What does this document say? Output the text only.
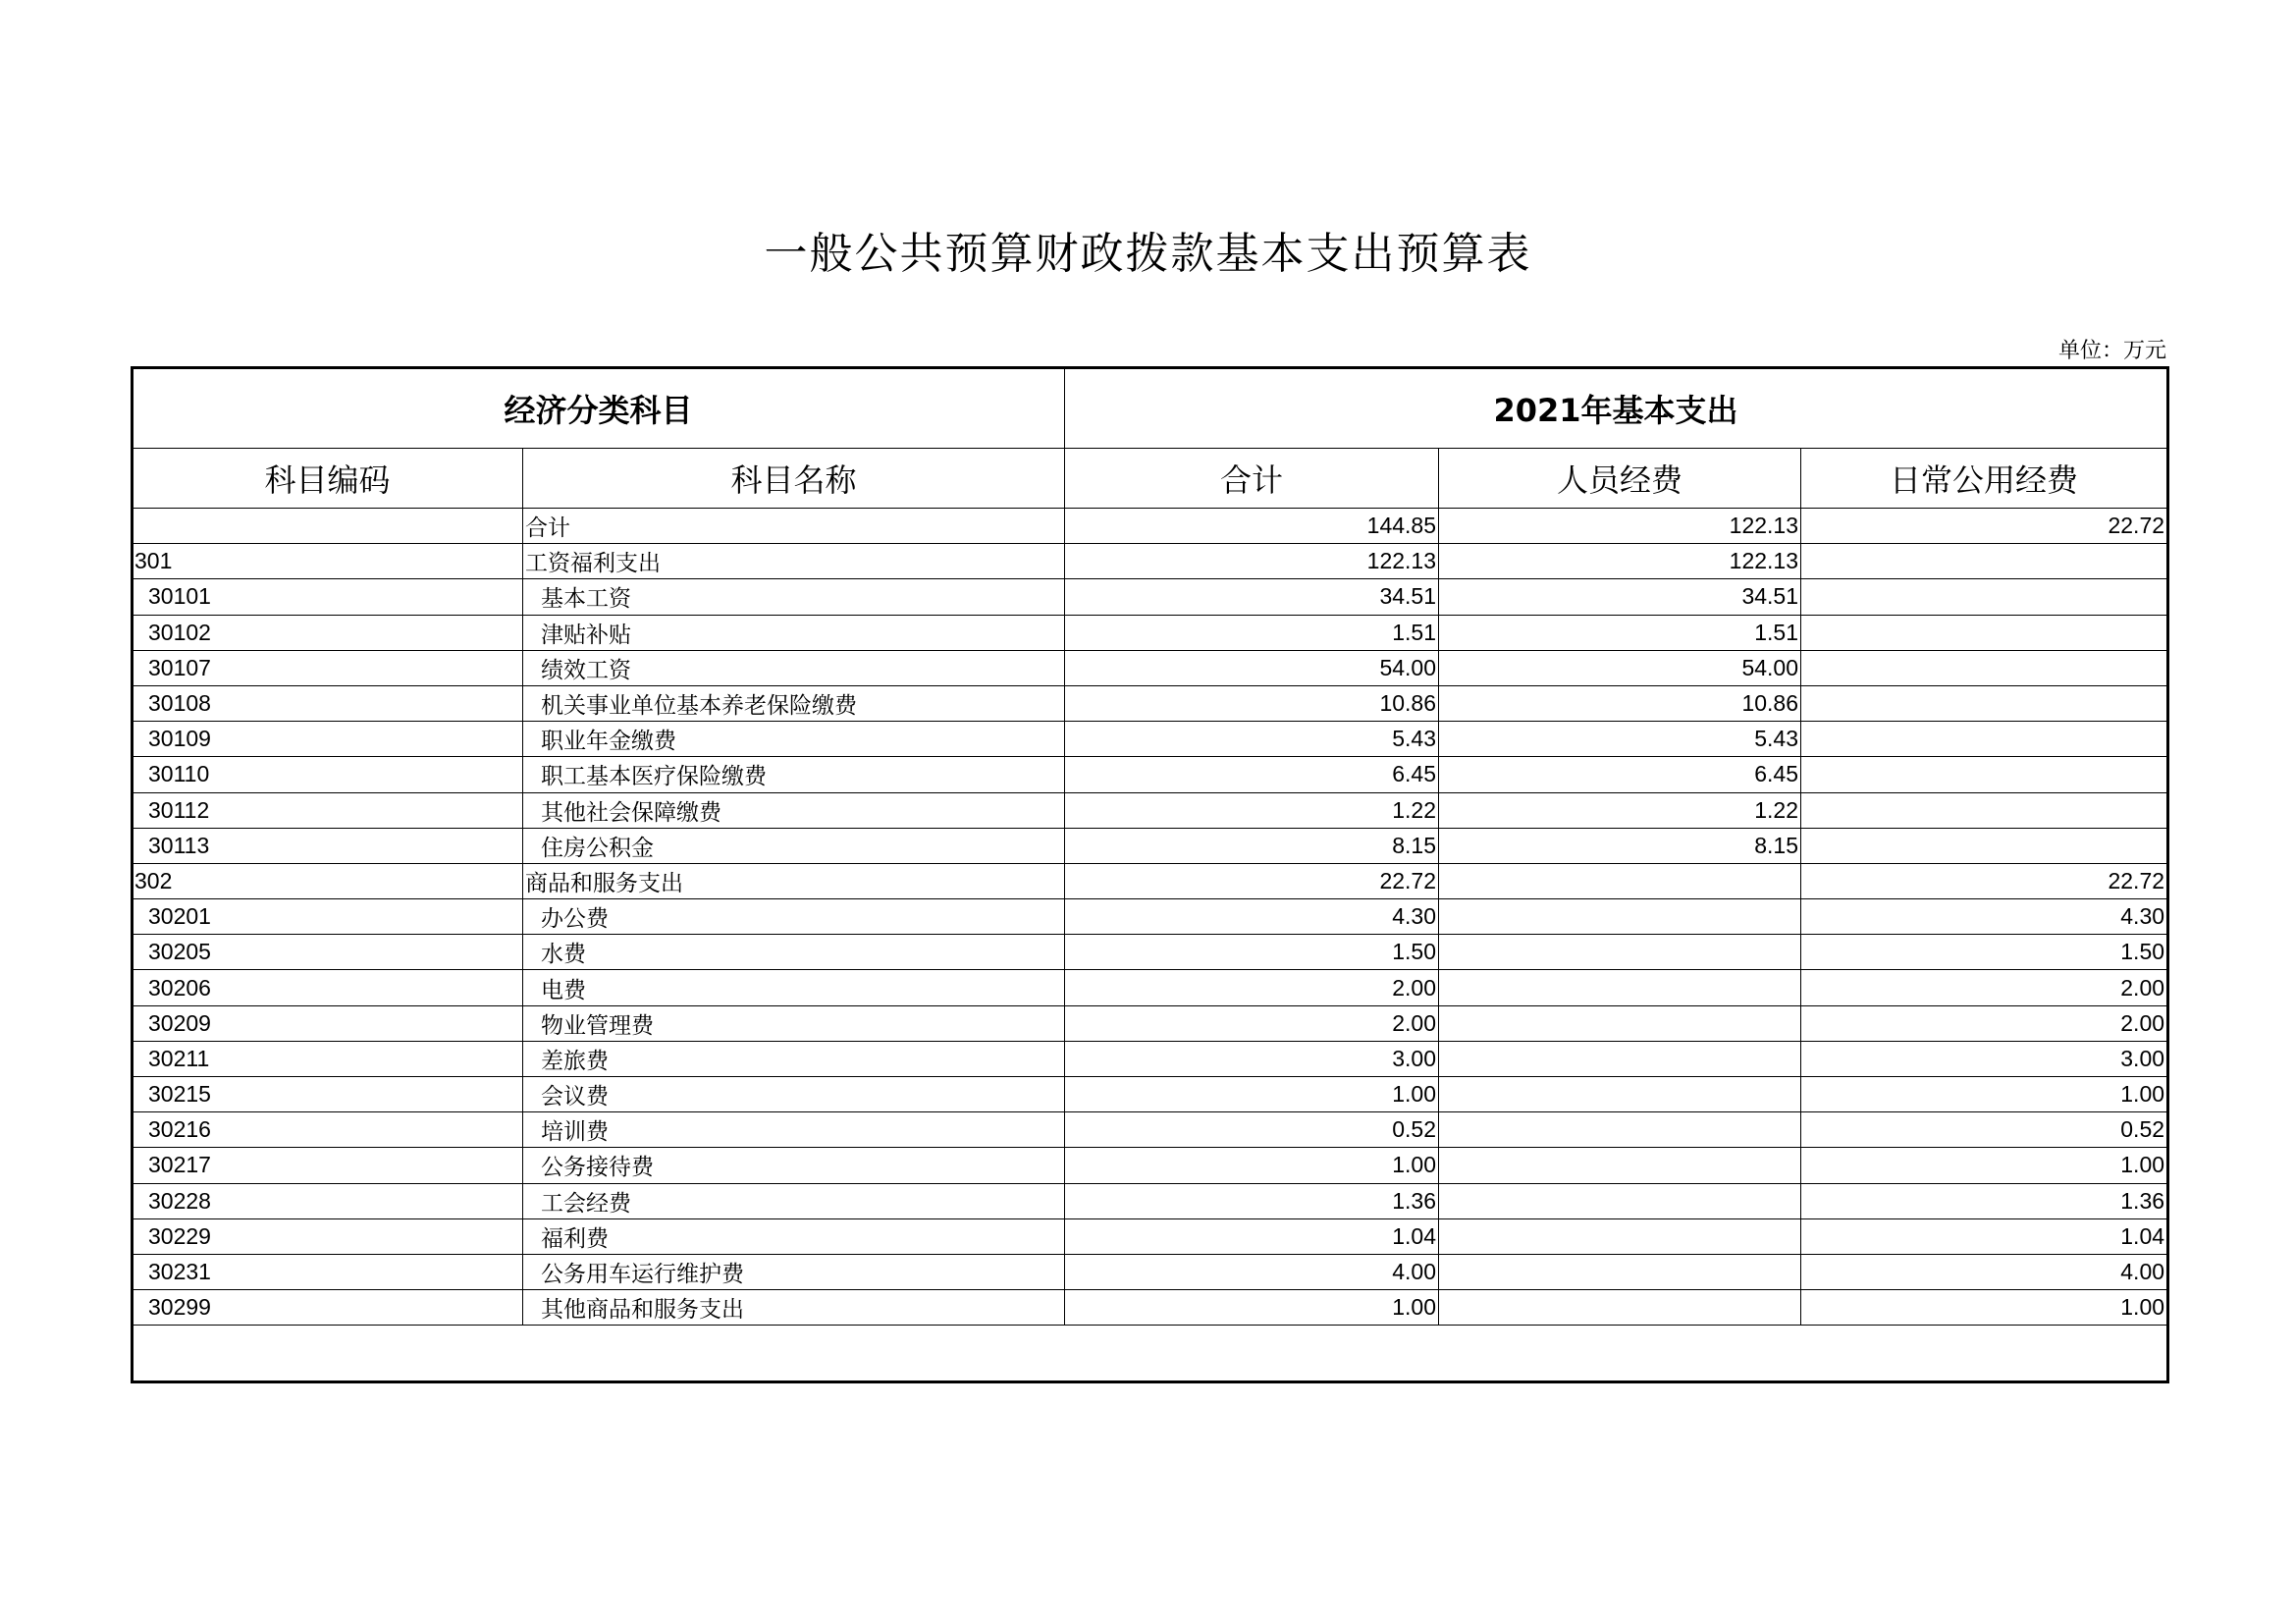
一般公共预算财政拨款基本支出预算表
单位：万元
经济分类科目		2021年基本支出		
科目编码	科目名称	合计	人员经费	日常公用经费
	合计	144.85	122.13	22.72
301	工资福利支出	122.13	122.13	
30101	基本工资	34.51	34.51	
30102	津贴补贴	1.51	1.51	
30107	绩效工资	54.00	54.00	
30108	机关事业单位基本养老保险缴费	10.86	10.86	
30109	职业年金缴费	5.43	5.43	
30110	职工基本医疗保险缴费	6.45	6.45	
30112	其他社会保障缴费	1.22	1.22	
30113	住房公积金	8.15	8.15	
302	商品和服务支出	22.72		22.72
30201	办公费	4.30		4.30
30205	水费	1.50		1.50
30206	电费	2.00		2.00
30209	物业管理费	2.00		2.00
30211	差旅费	3.00		3.00
30215	会议费	1.00		1.00
30216	培训费	0.52		0.52
30217	公务接待费	1.00		1.00
30228	工会经费	1.36		1.36
30229	福利费	1.04		1.04
30231	公务用车运行维护费	4.00		4.00
30299	其他商品和服务支出	1.00		1.00
